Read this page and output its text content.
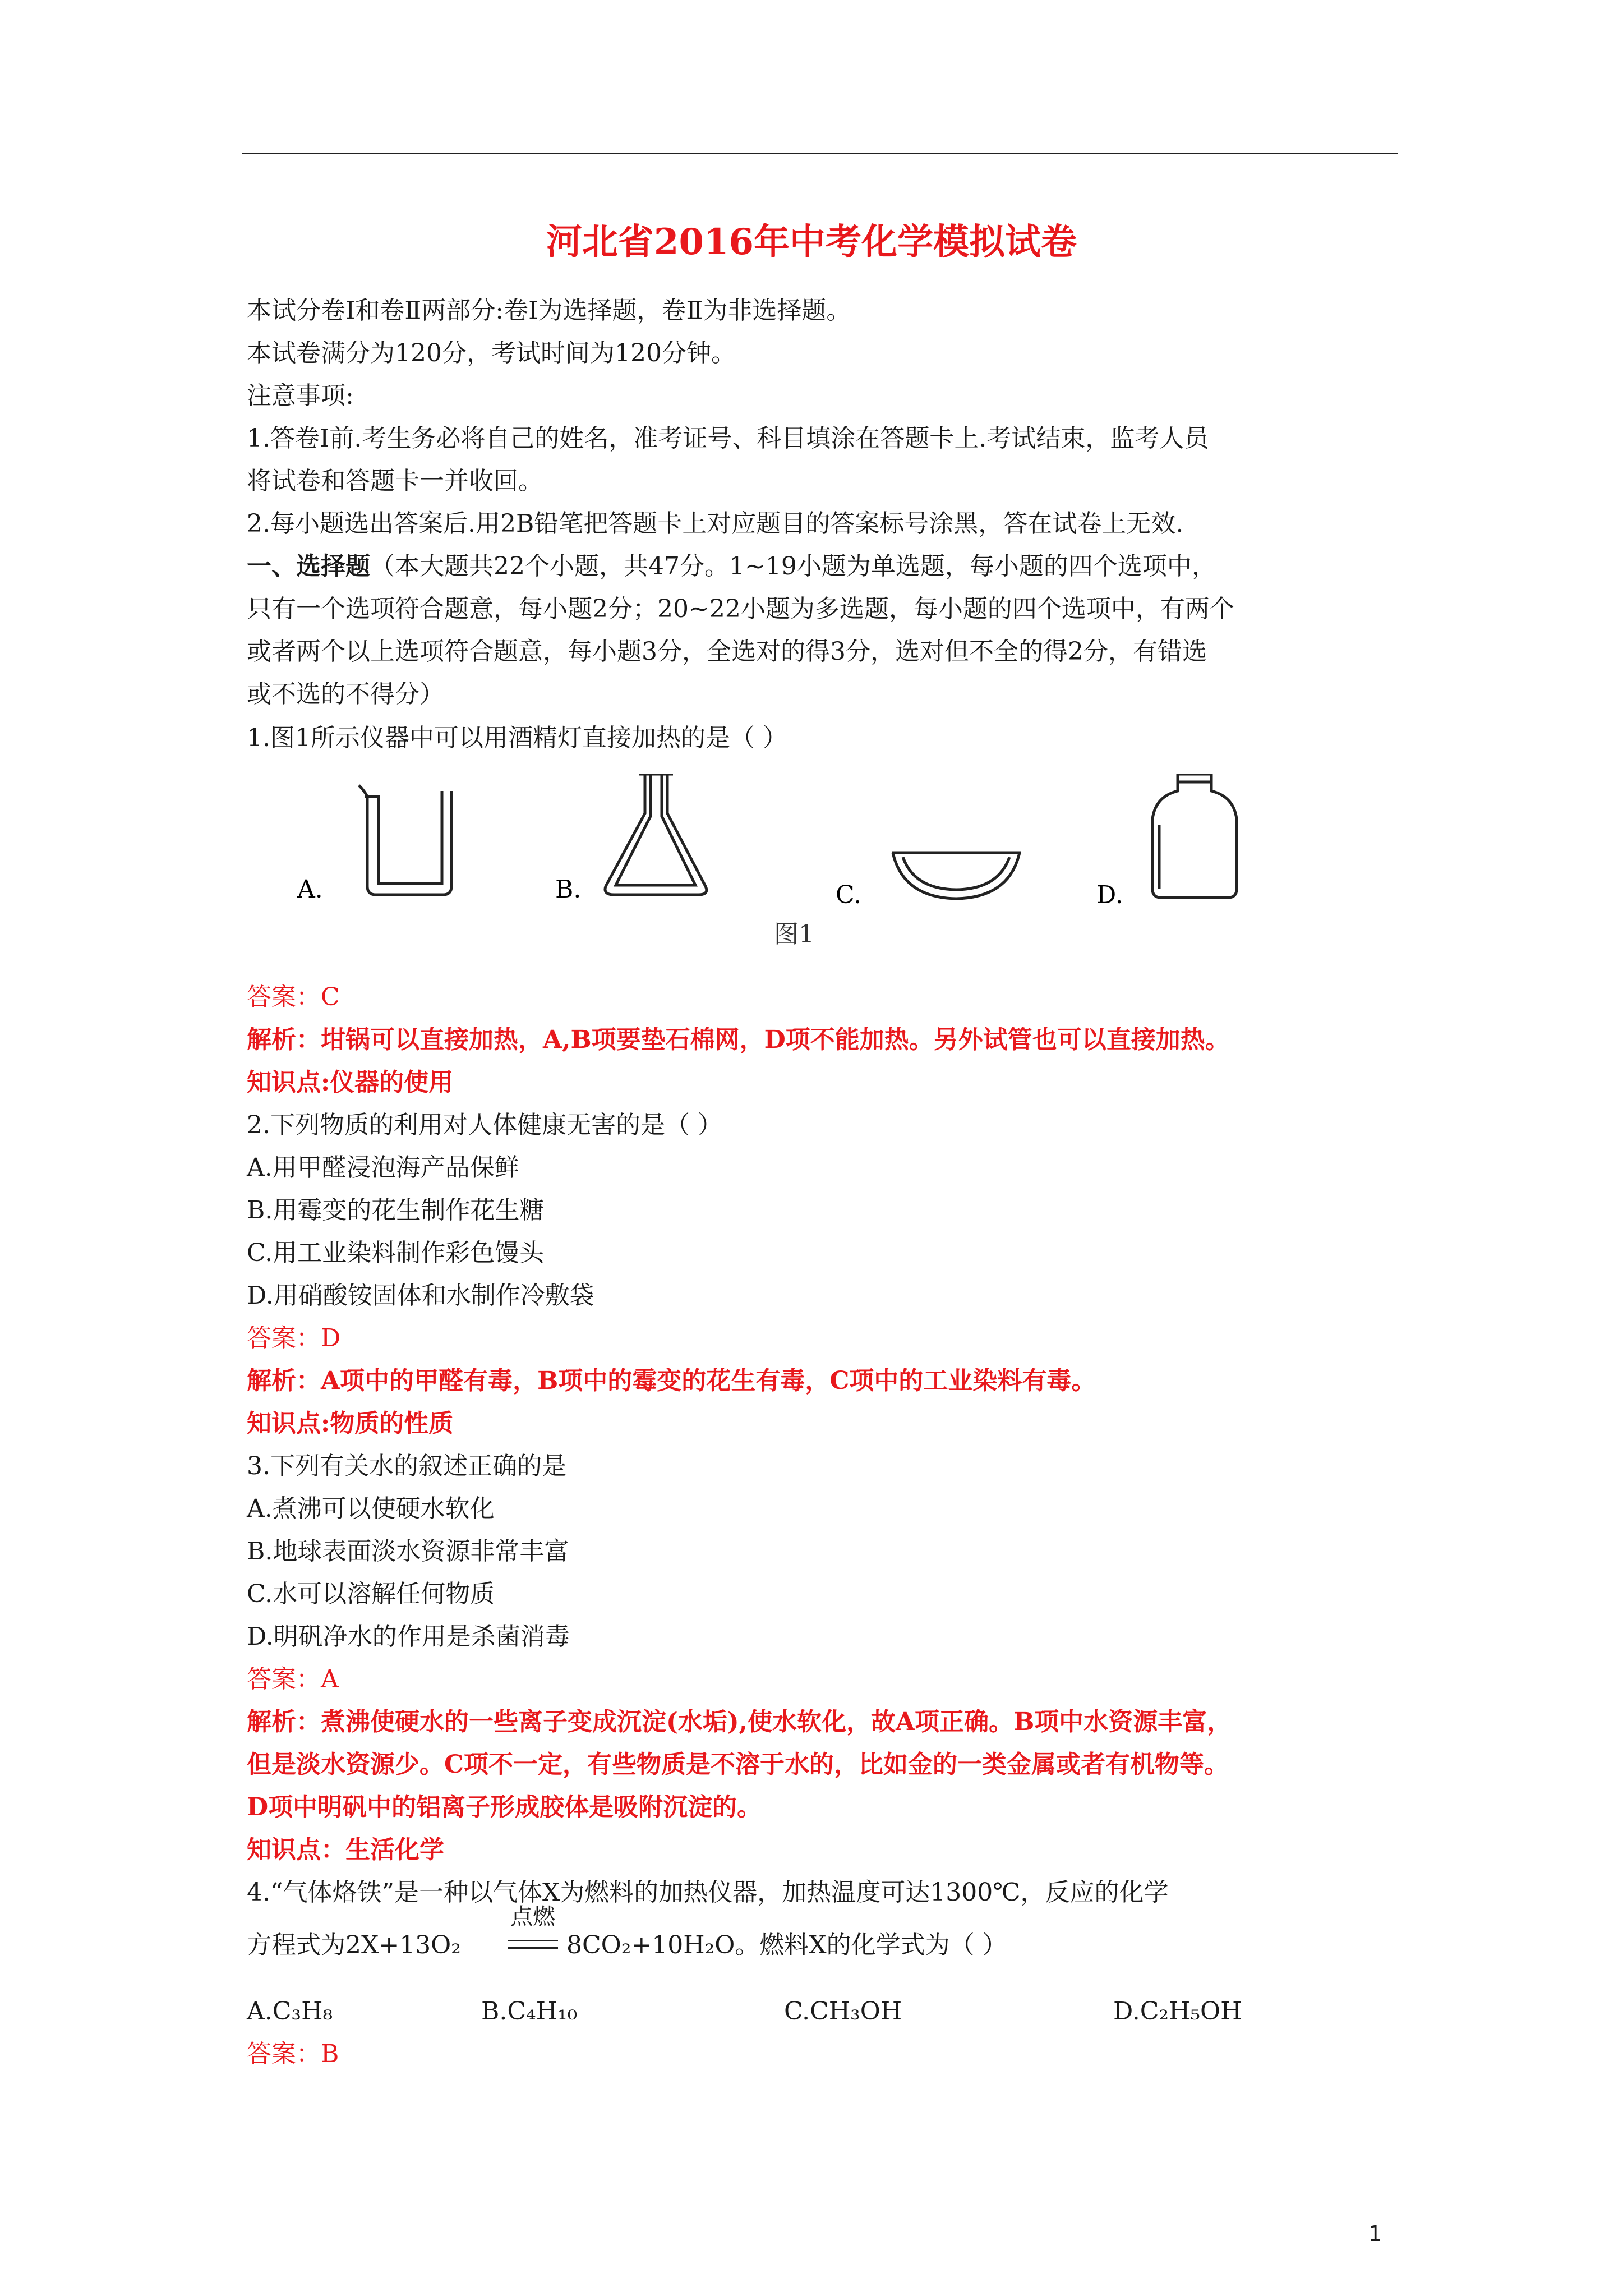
河北省2016年中考化学模拟试卷
本试分卷Ⅰ和卷Ⅱ两部分:卷Ⅰ为选择题，卷Ⅱ为非选择题。
本试卷满分为120分，考试时间为120分钟。
注意事项:
1.答卷Ⅰ前.考生务必将自己的姓名，准考证号、科目填涂在答题卡上.考试结束，监考人员
将试卷和答题卡一并收回。
2.每小题选出答案后.用2B铅笔把答题卡上对应题目的答案标号涂黑，答在试卷上无效.
一、选择题（本大题共22个小题，共47分。1~19小题为单选题，每小题的四个选项中，
只有一个选项符合题意，每小题2分；20~22小题为多选题，每小题的四个选项中，有两个
或者两个以上选项符合题意，每小题3分，全选对的得3分，选对但不全的得2分，有错选
或不选的不得分）
1.图1所示仪器中可以用酒精灯直接加热的是（ ）
A.	B.	C.	D.
图1
答案：C
解析：坩锅可以直接加热，A,B项要垫石棉网，D项不能加热。另外试管也可以直接加热。
知识点:仪器的使用
2.下列物质的利用对人体健康无害的是（ ）
A.用甲醛浸泡海产品保鲜
B.用霉变的花生制作花生糖
C.用工业染料制作彩色馒头
D.用硝酸铵固体和水制作冷敷袋
答案：D
解析：A项中的甲醛有毒，B项中的霉变的花生有毒，C项中的工业染料有毒。
知识点:物质的性质
3.下列有关水的叙述正确的是
A.煮沸可以使硬水软化
B.地球表面淡水资源非常丰富
C.水可以溶解任何物质
D.明矾净水的作用是杀菌消毒
答案：A
解析：煮沸使硬水的一些离子变成沉淀(水垢),使水软化，故A项正确。B项中水资源丰富，
但是淡水资源少。C项不一定，有些物质是不溶于水的，比如金的一类金属或者有机物等。
D项中明矾中的铝离子形成胶体是吸附沉淀的。
知识点：生活化学
4.“气体烙铁”是一种以气体X为燃料的加热仪器，加热温度可达1300℃，反应的化学
方程式为2X+13O₂
点燃
8CO₂+10H₂O。燃料X的化学式为（ ）
A.C₃H₈	B.C₄H₁₀	C.CH₃OH	D.C₂H₅OH
答案：B
1
